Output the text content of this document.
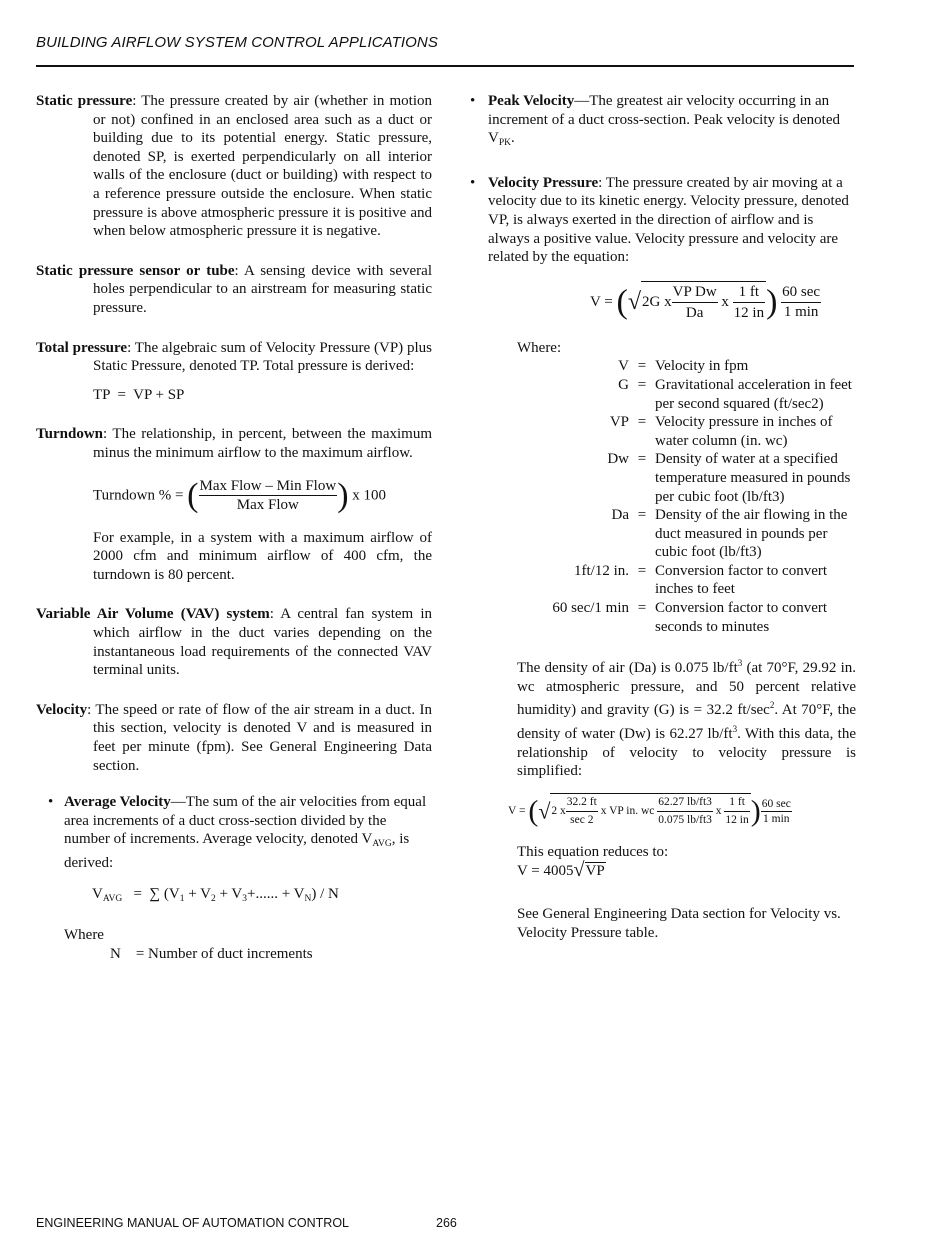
BUILDING AIRFLOW SYSTEM CONTROL APPLICATIONS

Static pressure: The pressure created by air (whether in motion or not) confined in an enclosed area such as a duct or building due to its potential energy. Static pressure, denoted SP, is exerted perpendicularly on all interior walls of the enclosure (duct or building) with respect to a reference pressure outside the enclosure. When static pressure is above atmospheric pressure it is positive and when below atmospheric pressure it is negative.

Static pressure sensor or tube: A sensing device with several holes perpendicular to an airstream for measuring static pressure.

Total pressure: The algebraic sum of Velocity Pressure (VP) plus Static Pressure, denoted TP. Total pressure is derived:

TP  =  VP + SP

Turndown: The relationship, in percent, between the maximum minus the minimum airflow to the maximum airflow.

Turndown % = ( $\frac{\text{Max Flow – Min Flow}}{\text{Max Flow}}$ ) x 100

For example, in a system with a maximum airflow of 2000 cfm and minimum airflow of 400 cfm, the turndown is 80 percent.

Variable Air Volume (VAV) system: A central fan system in which airflow in the duct varies depending on the instantaneous load requirements of the connected VAV terminal units.

Velocity: The speed or rate of flow of the air stream in a duct. In this section, velocity is denoted V and is measured in feet per minute (fpm). See General Engineering Data section.

• Average Velocity—The sum of the air velocities from equal area increments of a duct cross-section divided by the number of increments. Average velocity, denoted $V_{AVG}$, is derived:
$V_{AVG}$ =  ∑ ($V_1 + V_2 + V_3+$...... + $V_N$) / N
Where
N    = Number of duct increments
• Peak Velocity—The greatest air velocity occurring in an increment of a duct cross-section. Peak velocity is denoted $V_{PK}$.
• Velocity Pressure: The pressure created by air moving at a velocity due to its kinetic energy. Velocity pressure, denoted VP, is always exerted in the direction of airflow and is always a positive value. Velocity pressure and velocity are related by the equation:
V = (√2G x $\frac{\text{VP Dw}}{Da}$ x $\frac{1 ft}{12 in}$ ) $\frac{60 \sec}{1 \min}$
Where:
V = Velocity in fpm
G = Gravitational acceleration in feet per second squared (ft/sec2)
VP = Velocity pressure in inches of water column (in. wc)
Dw = Density of water at a specified temperature measured in pounds per cubic foot (lb/ft3)
Da = Density of the air flowing in the duct measured in pounds per cubic foot (lb/ft3)
1ft/12 in. = Conversion factor to convert inches to feet
60 sec/1 min = Conversion factor to convert seconds to minutes

The density of air (Da) is 0.075 $lb/ft^3$ (at 70°F, 29.92 in. wc atmospheric pressure, and 50 percent relative humidity) and gravity (G) is = 32.2 $ft/\sec^2$. At 70°F, the density of water (Dw) is 62.27 $lb/ft^3$. With this data, the relationship of velocity to velocity pressure is simplified:

V = (√2 x $\frac{32.2 ft}{\sec 2}$ x VP in. wc $\frac{62.27 lb/ft3}{0.075 lb/ft3}$ x $\frac{1 ft}{12 in}$ ) $\frac{60 \sec}{1 \min}$
This equation reduces to:
V = 4005√VP

See General Engineering Data section for Velocity vs. Velocity Pressure table.

ENGINEERING MANUAL OF AUTOMATION CONTROL	266
